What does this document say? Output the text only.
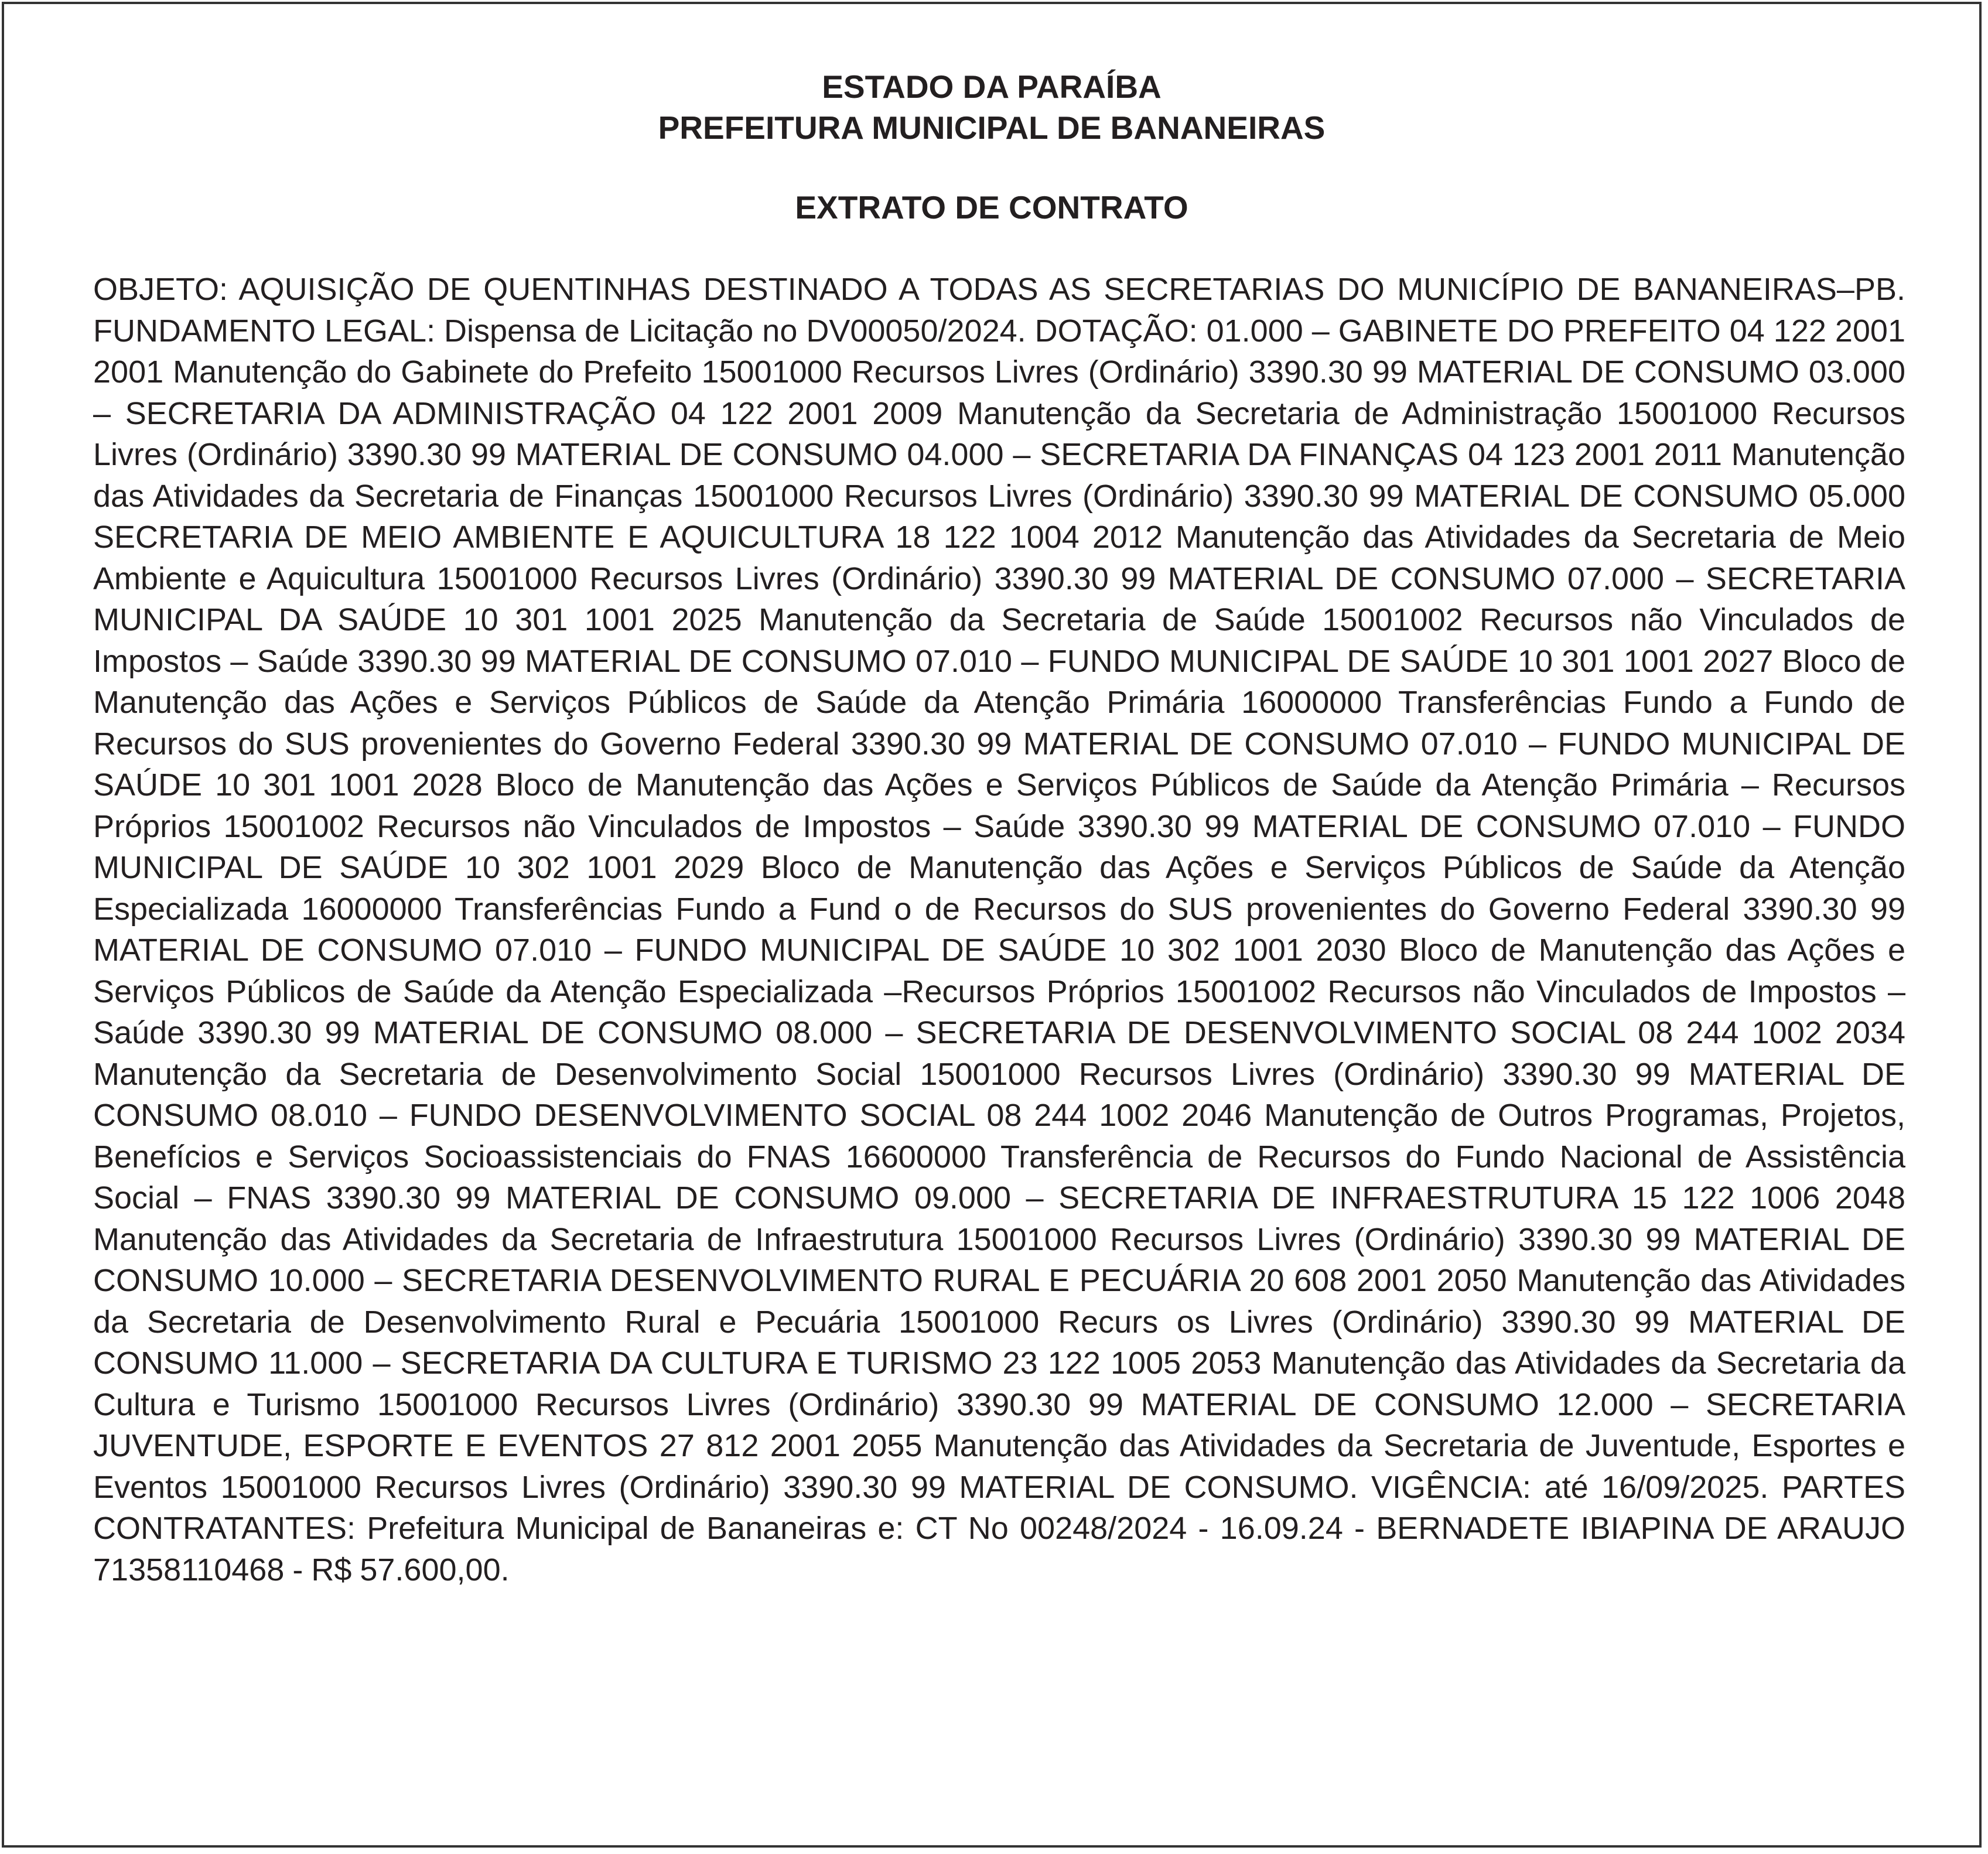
ESTADO DA PARAÍBA
PREFEITURA MUNICIPAL DE BANANEIRAS
EXTRATO DE CONTRATO

OBJETO: AQUISIÇÃO DE QUENTINHAS DESTINADO A TODAS AS SECRETARIAS DO MUNICÍPIO DE BANANEIRAS–PB. FUNDAMENTO LEGAL: Dispensa de Licitação no DV00050/2024. DOTAÇÃO: 01.000 – GABINETE DO PREFEITO 04 122 2001 2001 Manutenção do Gabinete do Prefeito 15001000 Recursos Livres (Ordinário) 3390.30 99 MATERIAL DE CONSUMO 03.000 – SECRETARIA DA ADMINISTRAÇÃO 04 122 2001 2009 Manutenção da Secretaria de Administração 15001000 Recursos Livres (Ordinário) 3390.30 99 MATERIAL DE CONSUMO 04.000 – SECRETARIA DA FINANÇAS 04 123 2001 2011 Manutenção das Atividades da Secretaria de Finanças 15001000 Recursos Livres (Ordinário) 3390.30 99 MATERIAL DE CONSUMO 05.000 SECRETARIA DE MEIO AMBIENTE E AQUICULTURA 18 122 1004 2012 Manutenção das Atividades da Secretaria de Meio Ambiente e Aquicultura 15001000 Recursos Livres (Ordinário) 3390.30 99 MATERIAL DE CONSUMO 07.000 – SECRETARIA MUNICIPAL DA SAÚDE 10 301 1001 2025 Manutenção da Secretaria de Saúde 15001002 Recursos não Vinculados de Impostos – Saúde 3390.30 99 MATERIAL DE CONSUMO 07.010 – FUNDO MUNICIPAL DE SAÚDE 10 301 1001 2027 Bloco de Manutenção das Ações e Serviços Públicos de Saúde da Atenção Primária 16000000 Transferências Fundo a Fundo de Recursos do SUS provenientes do Governo Federal 3390.30 99 MATERIAL DE CONSUMO 07.010 – FUNDO MUNICIPAL DE SAÚDE 10 301 1001 2028 Bloco de Manutenção das Ações e Serviços Públicos de Saúde da Atenção Primária – Recursos Próprios 15001002 Recursos não Vinculados de Impostos – Saúde 3390.30 99 MATERIAL DE CONSUMO 07.010 – FUNDO MUNICIPAL DE SAÚDE 10 302 1001 2029 Bloco de Manutenção das Ações e Serviços Públicos de Saúde da Atenção Especializada 16000000 Transferências Fundo a Fund o de Recursos do SUS provenientes do Governo Federal 3390.30 99 MATERIAL DE CONSUMO 07.010 – FUNDO MUNICIPAL DE SAÚDE 10 302 1001 2030 Bloco de Manutenção das Ações e Serviços Públicos de Saúde da Atenção Especializada –Recursos Próprios 15001002 Recursos não Vinculados de Impostos – Saúde 3390.30 99 MATERIAL DE CONSUMO 08.000 – SECRETARIA DE DESENVOLVIMENTO SOCIAL 08 244 1002 2034 Manutenção da Secretaria de Desenvolvimento Social 15001000 Recursos Livres (Ordinário) 3390.30 99 MATERIAL DE CONSUMO 08.010 – FUNDO DESENVOLVIMENTO SOCIAL 08 244 1002 2046 Manutenção de Outros Programas, Projetos, Benefícios e Serviços Socioassistenciais do FNAS 16600000 Transferência de Recursos do Fundo Nacional de Assistência Social – FNAS 3390.30 99 MATERIAL DE CONSUMO 09.000 – SECRETARIA DE INFRAESTRUTURA 15 122 1006 2048 Manutenção das Atividades da Secretaria de Infraestrutura 15001000 Recursos Livres (Ordinário) 3390.30 99 MATERIAL DE CONSUMO 10.000 – SECRETARIA DESENVOLVIMENTO RURAL E PECUÁRIA 20 608 2001 2050 Manutenção das Atividades da Secretaria de Desenvolvimento Rural e Pecuária 15001000 Recurs os Livres (Ordinário) 3390.30 99 MATERIAL DE CONSUMO 11.000 – SECRETARIA DA CULTURA E TURISMO 23 122 1005 2053 Manutenção das Atividades da Secretaria da Cultura e Turismo 15001000 Recursos Livres (Ordinário) 3390.30 99 MATERIAL DE CONSUMO 12.000 – SECRETARIA JUVENTUDE, ESPORTE E EVENTOS 27 812 2001 2055 Manutenção das Atividades da Secretaria de Juventude, Esportes e Eventos 15001000 Recursos Livres (Ordinário) 3390.30 99 MATERIAL DE CONSUMO. VIGÊNCIA: até 16/09/2025. PARTES CONTRATANTES: Prefeitura Municipal de Bananeiras e: CT No 00248/2024 - 16.09.24 - BERNADETE IBIAPINA DE ARAUJO 71358110468 - R$ 57.600,00.
